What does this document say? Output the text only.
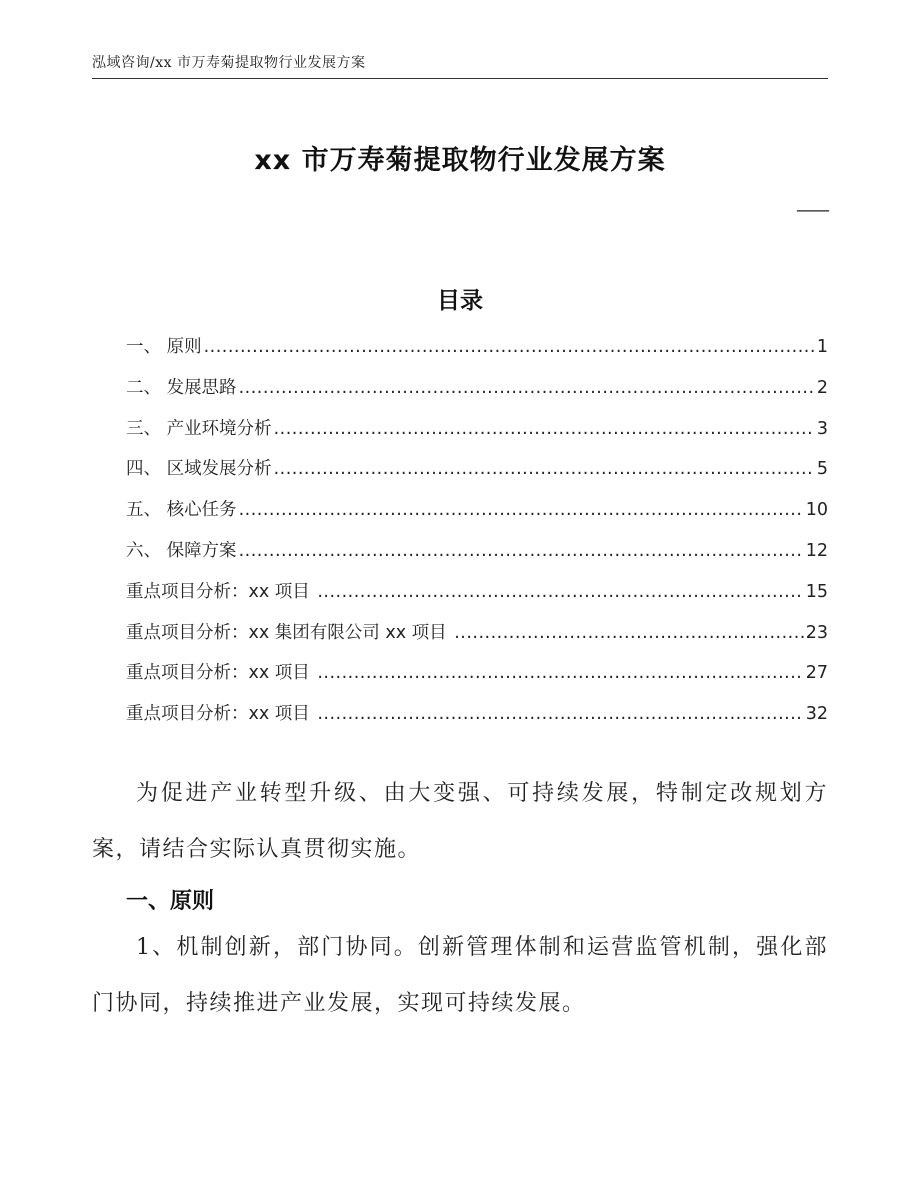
泓域咨询/xx 市万寿菊提取物行业发展方案
xx 市万寿菊提取物行业发展方案
——
目录
一、 原则 .....	1
二、 发展思路 .....	2
三、 产业环境分析 .....	3
四、 区域发展分析 .....	5
五、 核心任务 .....	10
六、 保障方案 .....	12
重点项目分析：xx 项目 .....	15
重点项目分析：xx 集团有限公司 xx 项目 .....	23
重点项目分析：xx 项目 .....	27
重点项目分析：xx 项目 .....	32
为促进产业转型升级、由大变强、可持续发展，特制定改规划方案，请结合实际认真贯彻实施。
一、原则
1、机制创新，部门协同。创新管理体制和运营监管机制，强化部门协同，持续推进产业发展，实现可持续发展。
